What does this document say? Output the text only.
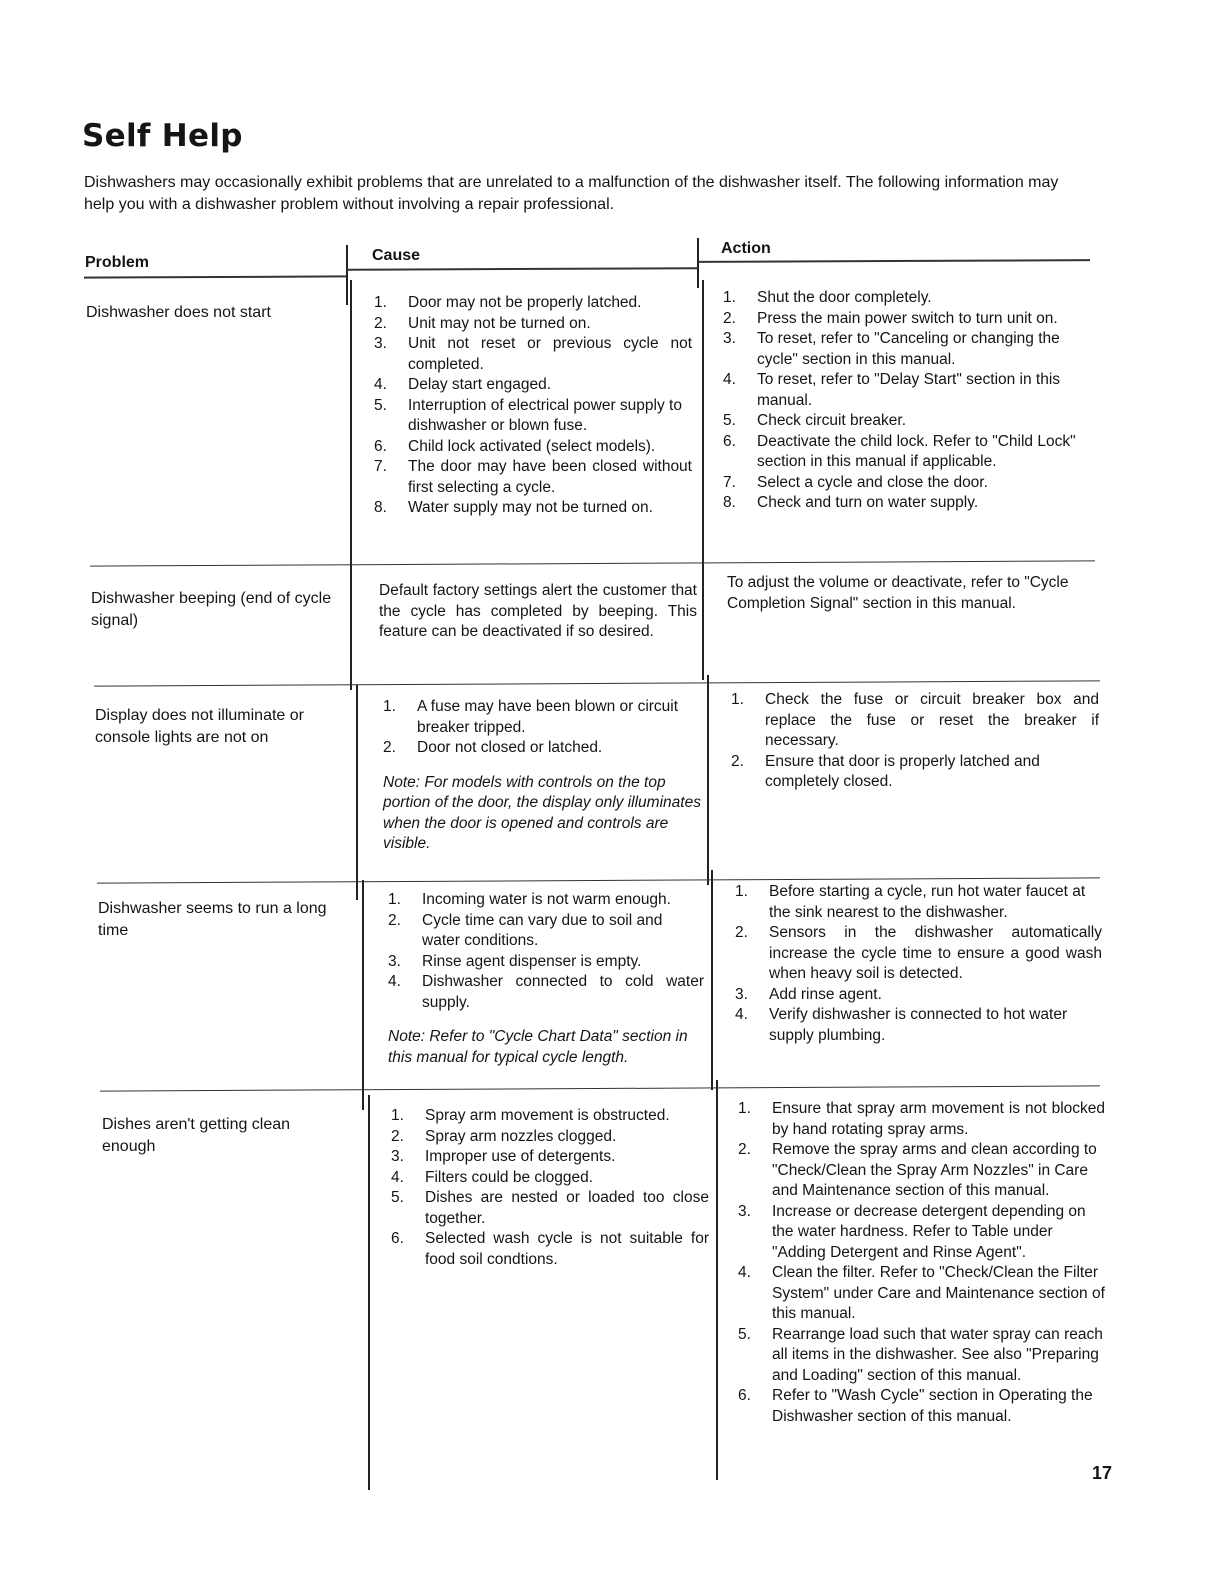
Self Help
Dishwashers may occasionally exhibit problems that are unrelated to a malfunction of the dishwasher itself. The following information may help you with a dishwasher problem without involving a repair professional.
Problem	Cause	Action
Dishwasher does not start
1. Door may not be properly latched.
2. Unit may not be turned on.
3. Unit not reset or previous cycle not completed.
4. Delay start engaged.
5. Interruption of electrical power supply to dishwasher or blown fuse.
6. Child lock activated (select models).
7. The door may have been closed without first selecting a cycle.
8. Water supply may not be turned on.
1. Shut the door completely.
2. Press the main power switch to turn unit on.
3. To reset, refer to "Canceling or changing the cycle" section in this manual.
4. To reset, refer to "Delay Start" section in this manual.
5. Check circuit breaker.
6. Deactivate the child lock. Refer to "Child Lock" section in this manual if applicable.
7. Select a cycle and close the door.
8. Check and turn on water supply.
Dishwasher beeping (end of cycle signal)

Default factory settings alert the customer that the cycle has completed by beeping. This feature can be deactivated if so desired.

To adjust the volume or deactivate, refer to "Cycle Completion Signal" section in this manual.

Display does not illuminate or console lights are not on
1. A fuse may have been blown or circuit breaker tripped.
2. Door not closed or latched.

Note: For models with controls on the top portion of the door, the display only illuminates when the door is opened and controls are visible.

1. Check the fuse or circuit breaker box and replace the fuse or reset the breaker if necessary.
2. Ensure that door is properly latched and completely closed.
Dishwasher seems to run a long time
1. Incoming water is not warm enough.
2. Cycle time can vary due to soil and water conditions.
3. Rinse agent dispenser is empty.
4. Dishwasher connected to cold water supply.

Note: Refer to "Cycle Chart Data" section in this manual for typical cycle length.

1. Before starting a cycle, run hot water faucet at the sink nearest to the dishwasher.
2. Sensors in the dishwasher automatically increase the cycle time to ensure a good wash when heavy soil is detected.
3. Add rinse agent.
4. Verify dishwasher is connected to hot water supply plumbing.
Dishes aren't getting clean enough
1. Spray arm movement is obstructed.
2. Spray arm nozzles clogged.
3. Improper use of detergents.
4. Filters could be clogged.
5. Dishes are nested or loaded too close together.
6. Selected wash cycle is not suitable for food soil condtions.
1. Ensure that spray arm movement is not blocked by hand rotating spray arms.
2. Remove the spray arms and clean according to "Check/Clean the Spray Arm Nozzles" in Care and Maintenance section of this manual.
3. Increase or decrease detergent depending on the water hardness. Refer to Table under "Adding Detergent and Rinse Agent".
4. Clean the filter. Refer to "Check/Clean the Filter System" under Care and Maintenance section of this manual.
5. Rearrange load such that water spray can reach all items in the dishwasher. See also "Preparing and Loading" section of this manual.
6. Refer to "Wash Cycle" section in Operating the Dishwasher section of this manual.
17
